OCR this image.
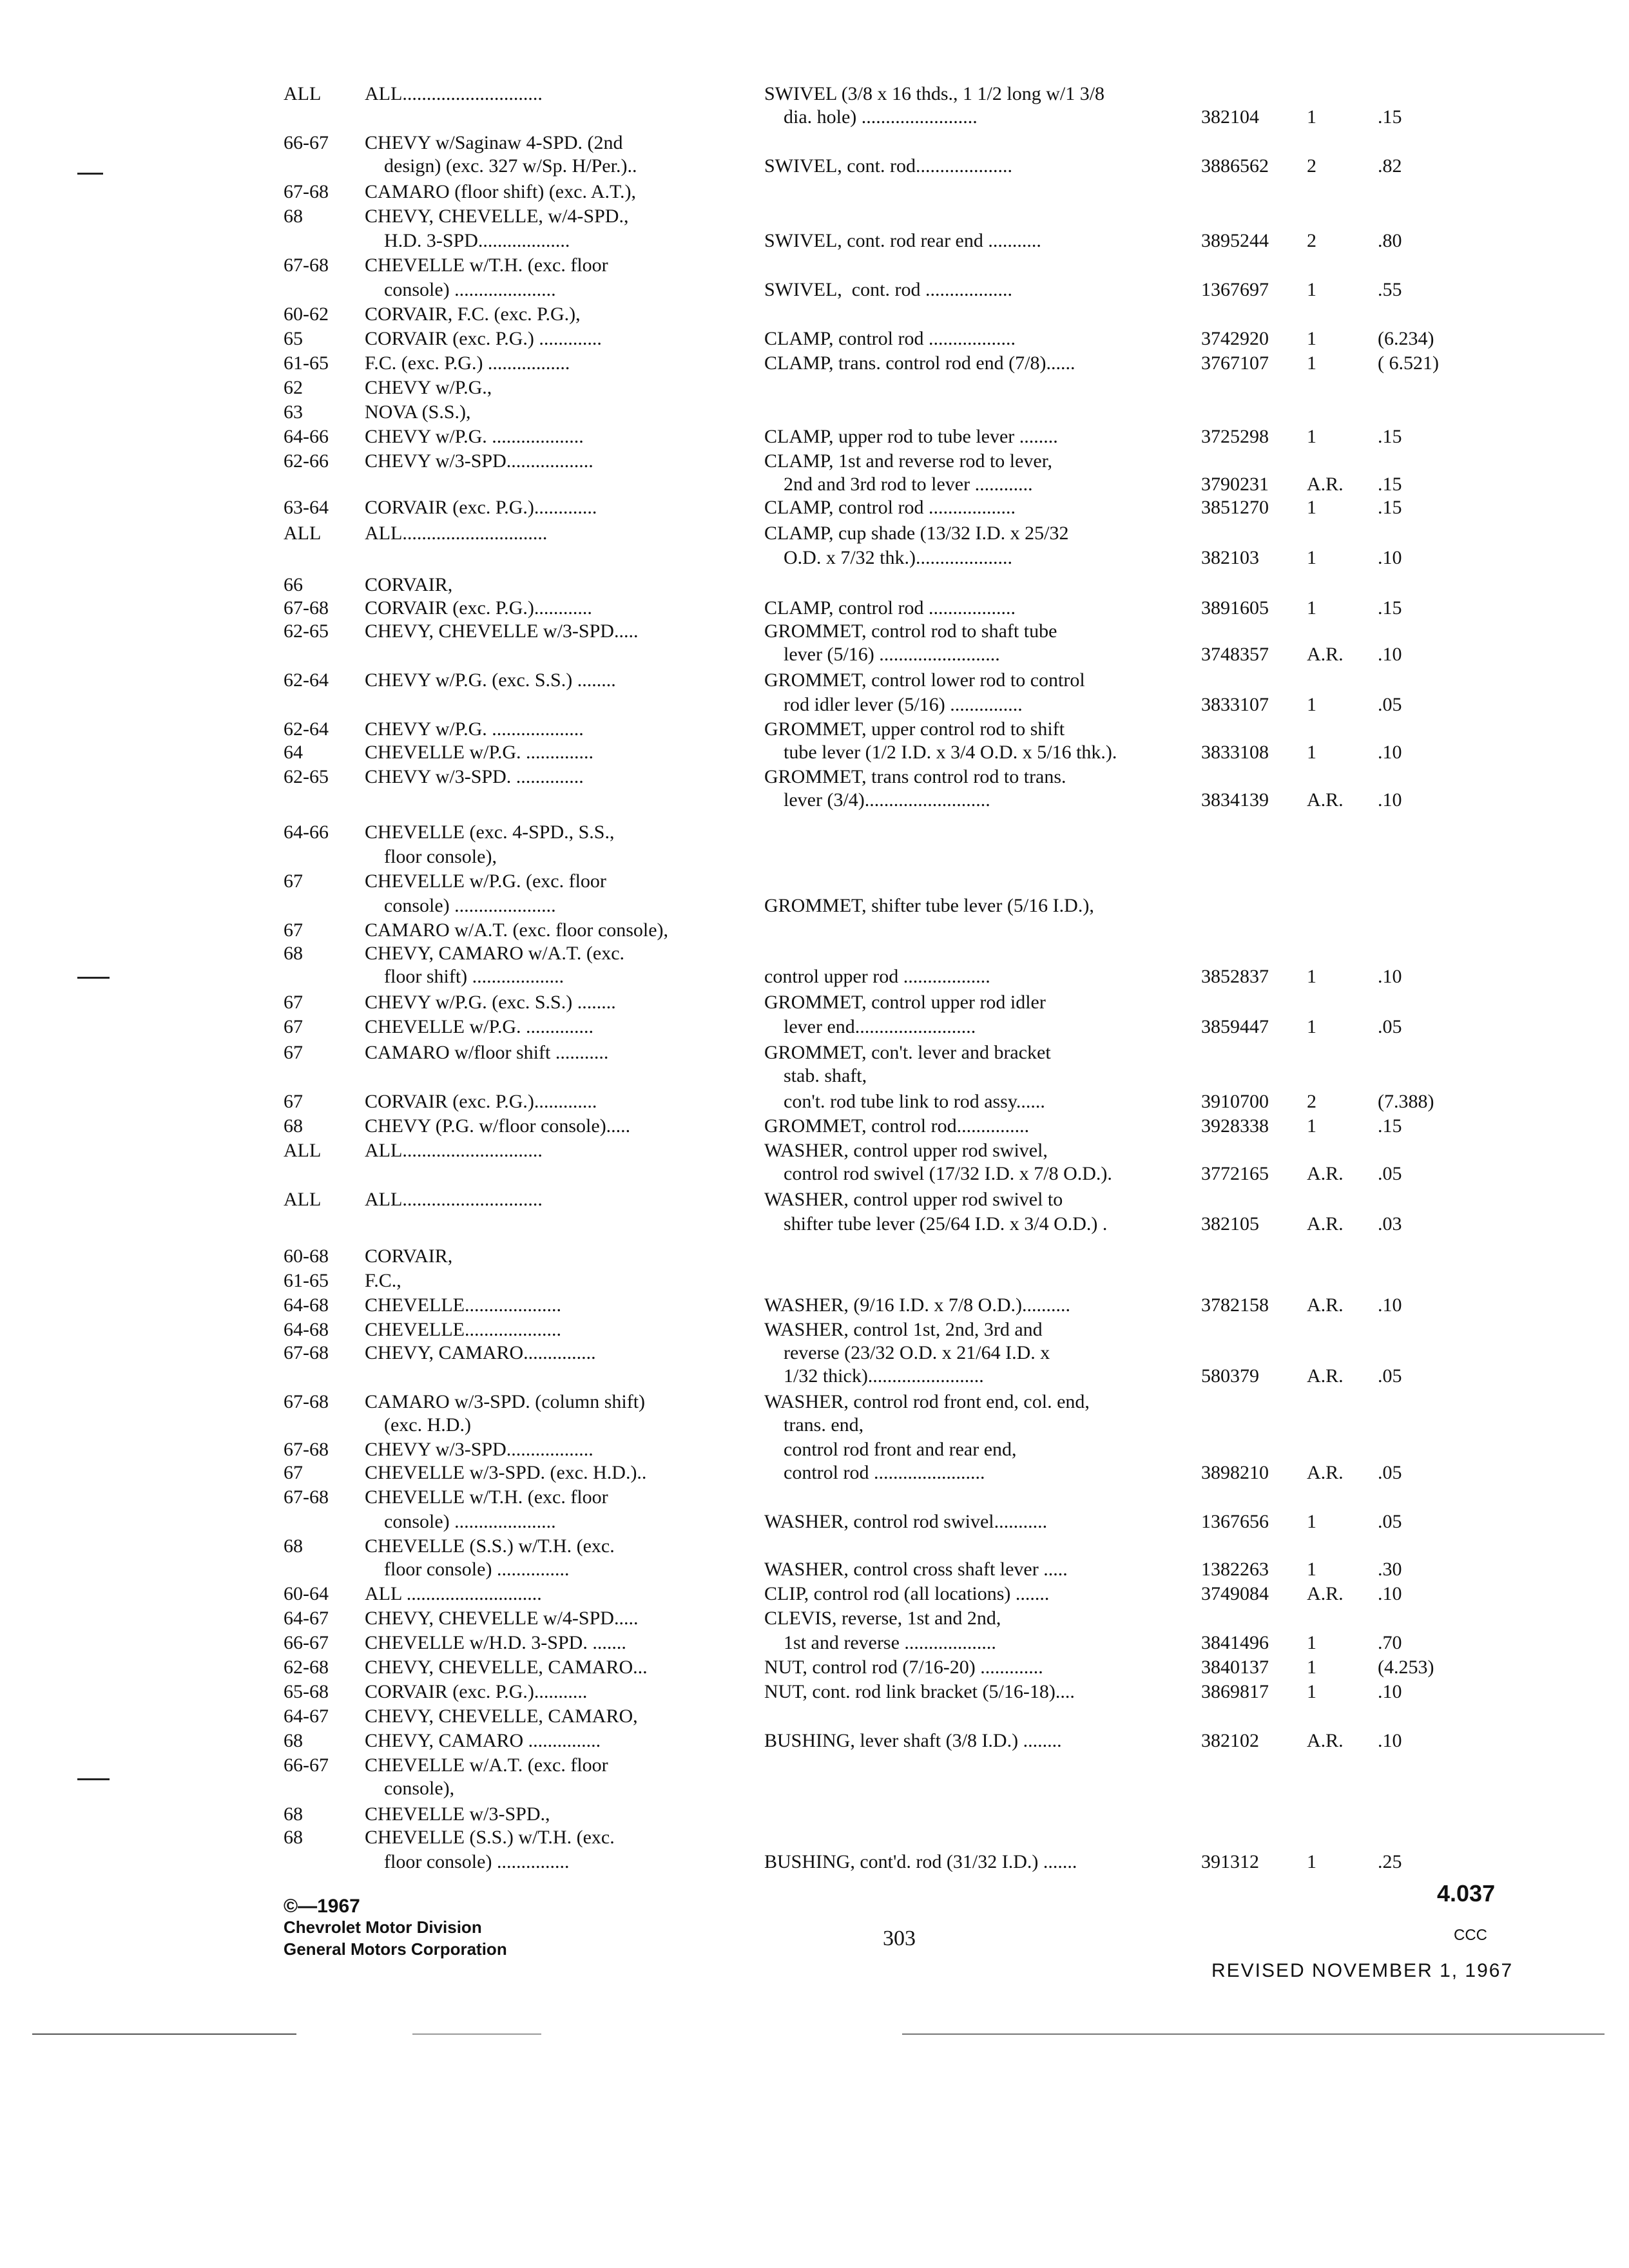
ALL ALL.............................	SWIVEL (3/8 x 16 thds., 1 1/2 long w/1 3/8
dia. hole) ........................	382104 1	.15
66-67 CHEVY w/Saginaw 4-SPD. (2nd
design) (exc. 327 w/Sp. H/Per.)..	SWIVEL, cont. rod....................	3886562 2	.82
67-68 CAMARO (floor shift) (exc. A.T.),
68	CHEVY, CHEVELLE, w/4-SPD.,
H.D. 3-SPD...................	SWIVEL, cont. rod rear end ...........	3895244 2	.80
67-68 CHEVELLE w/T.H. (exc. floor
console) .....................	SWIVEL,  cont. rod ..................	1367697 1	.55
60-62 CORVAIR, F.C. (exc. P.G.),
65	CORVAIR (exc. P.G.) .............	CLAMP, control rod ..................	3742920 1	(6.234)
61-65 F.C. (exc. P.G.) .................	CLAMP, trans. control rod end (7/8)......	3767107 1	( 6.521)
62	CHEVY w/P.G.,
63	NOVA (S.S.),
64-66 CHEVY w/P.G. ...................	CLAMP, upper rod to tube lever ........	3725298 1	.15
62-66 CHEVY w/3-SPD..................	CLAMP, 1st and reverse rod to lever,
2nd and 3rd rod to lever ............	3790231 A.R. .15
63-64 CORVAIR (exc. P.G.).............	CLAMP, control rod ..................	3851270 1	.15
ALL ALL..............................	CLAMP, cup shade (13/32 I.D. x 25/32
O.D. x 7/32 thk.)....................	382103 1	.10
66	CORVAIR,
67-68 CORVAIR (exc. P.G.)............	CLAMP, control rod ..................	3891605 1	.15
62-65 CHEVY, CHEVELLE w/3-SPD.....	GROMMET, control rod to shaft tube
lever (5/16) .........................	3748357 A.R. .10
62-64 CHEVY w/P.G. (exc. S.S.) ........	GROMMET, control lower rod to control
rod idler lever (5/16) ...............	3833107 1	.05
62-64 CHEVY w/P.G. ...................	GROMMET, upper control rod to shift
64	CHEVELLE w/P.G. ..............	tube lever (1/2 I.D. x 3/4 O.D. x 5/16 thk.).	3833108 1	.10
62-65 CHEVY w/3-SPD. ..............	GROMMET, trans control rod to trans.
lever (3/4)..........................	3834139 A.R. .10
64-66 CHEVELLE (exc. 4-SPD., S.S.,
floor console),
67	CHEVELLE w/P.G. (exc. floor
console) .....................	GROMMET, shifter tube lever (5/16 I.D.),
67	CAMARO w/A.T. (exc. floor console),
68	CHEVY, CAMARO w/A.T. (exc.
floor shift) ...................	control upper rod ..................	3852837 1	.10
67	CHEVY w/P.G. (exc. S.S.) ........	GROMMET, control upper rod idler
67	CHEVELLE w/P.G. ..............	lever end.........................	3859447 1	.05
67	CAMARO w/floor shift ...........	GROMMET, con't. lever and bracket
stab. shaft,
67	CORVAIR (exc. P.G.).............	con't. rod tube link to rod assy......	3910700 2	(7.388)
68	CHEVY (P.G. w/floor console).....	GROMMET, control rod...............	3928338 1	.15
ALL ALL.............................	WASHER, control upper rod swivel,
control rod swivel (17/32 I.D. x 7/8 O.D.).	3772165 A.R. .05
ALL ALL.............................	WASHER, control upper rod swivel to
shifter tube lever (25/64 I.D. x 3/4 O.D.) .	382105 A.R. .03
60-68 CORVAIR,
61-65 F.C.,
64-68 CHEVELLE....................	WASHER, (9/16 I.D. x 7/8 O.D.)..........	3782158 A.R. .10
64-68 CHEVELLE....................	WASHER, control 1st, 2nd, 3rd and
67-68 CHEVY, CAMARO...............	reverse (23/32 O.D. x 21/64 I.D. x
1/32 thick)........................	580379 A.R. .05
67-68 CAMARO w/3-SPD. (column shift)	WASHER, control rod front end, col. end,
(exc. H.D.)	trans. end,
67-68 CHEVY w/3-SPD..................	control rod front and rear end,
67	CHEVELLE w/3-SPD. (exc. H.D.)..	control rod .......................	3898210 A.R. .05
67-68 CHEVELLE w/T.H. (exc. floor
console) .....................	WASHER, control rod swivel...........	1367656 1	.05
68	CHEVELLE (S.S.) w/T.H. (exc.
floor console) ...............	WASHER, control cross shaft lever .....	1382263 1	.30
60-64 ALL ............................	CLIP, control rod (all locations) .......	3749084 A.R. .10
64-67 CHEVY, CHEVELLE w/4-SPD.....	CLEVIS, reverse, 1st and 2nd,
66-67 CHEVELLE w/H.D. 3-SPD. .......	1st and reverse ...................	3841496 1	.70
62-68 CHEVY, CHEVELLE, CAMARO...	NUT, control rod (7/16-20) .............	3840137 1	(4.253)
65-68 CORVAIR (exc. P.G.)...........	NUT, cont. rod link bracket (5/16-18)....	3869817 1	.10
64-67 CHEVY, CHEVELLE, CAMARO,
68	CHEVY, CAMARO ...............	BUSHING, lever shaft (3/8 I.D.) ........	382102 A.R. .10
66-67 CHEVELLE w/A.T. (exc. floor
console),
68	CHEVELLE w/3-SPD.,
68	CHEVELLE (S.S.) w/T.H. (exc.
floor console) ...............	BUSHING, cont'd. rod (31/32 I.D.) .......	391312 1	.25
©—1967
Chevrolet Motor Division
General Motors Corporation	303
4.037
CCC
REVISED NOVEMBER 1, 1967
